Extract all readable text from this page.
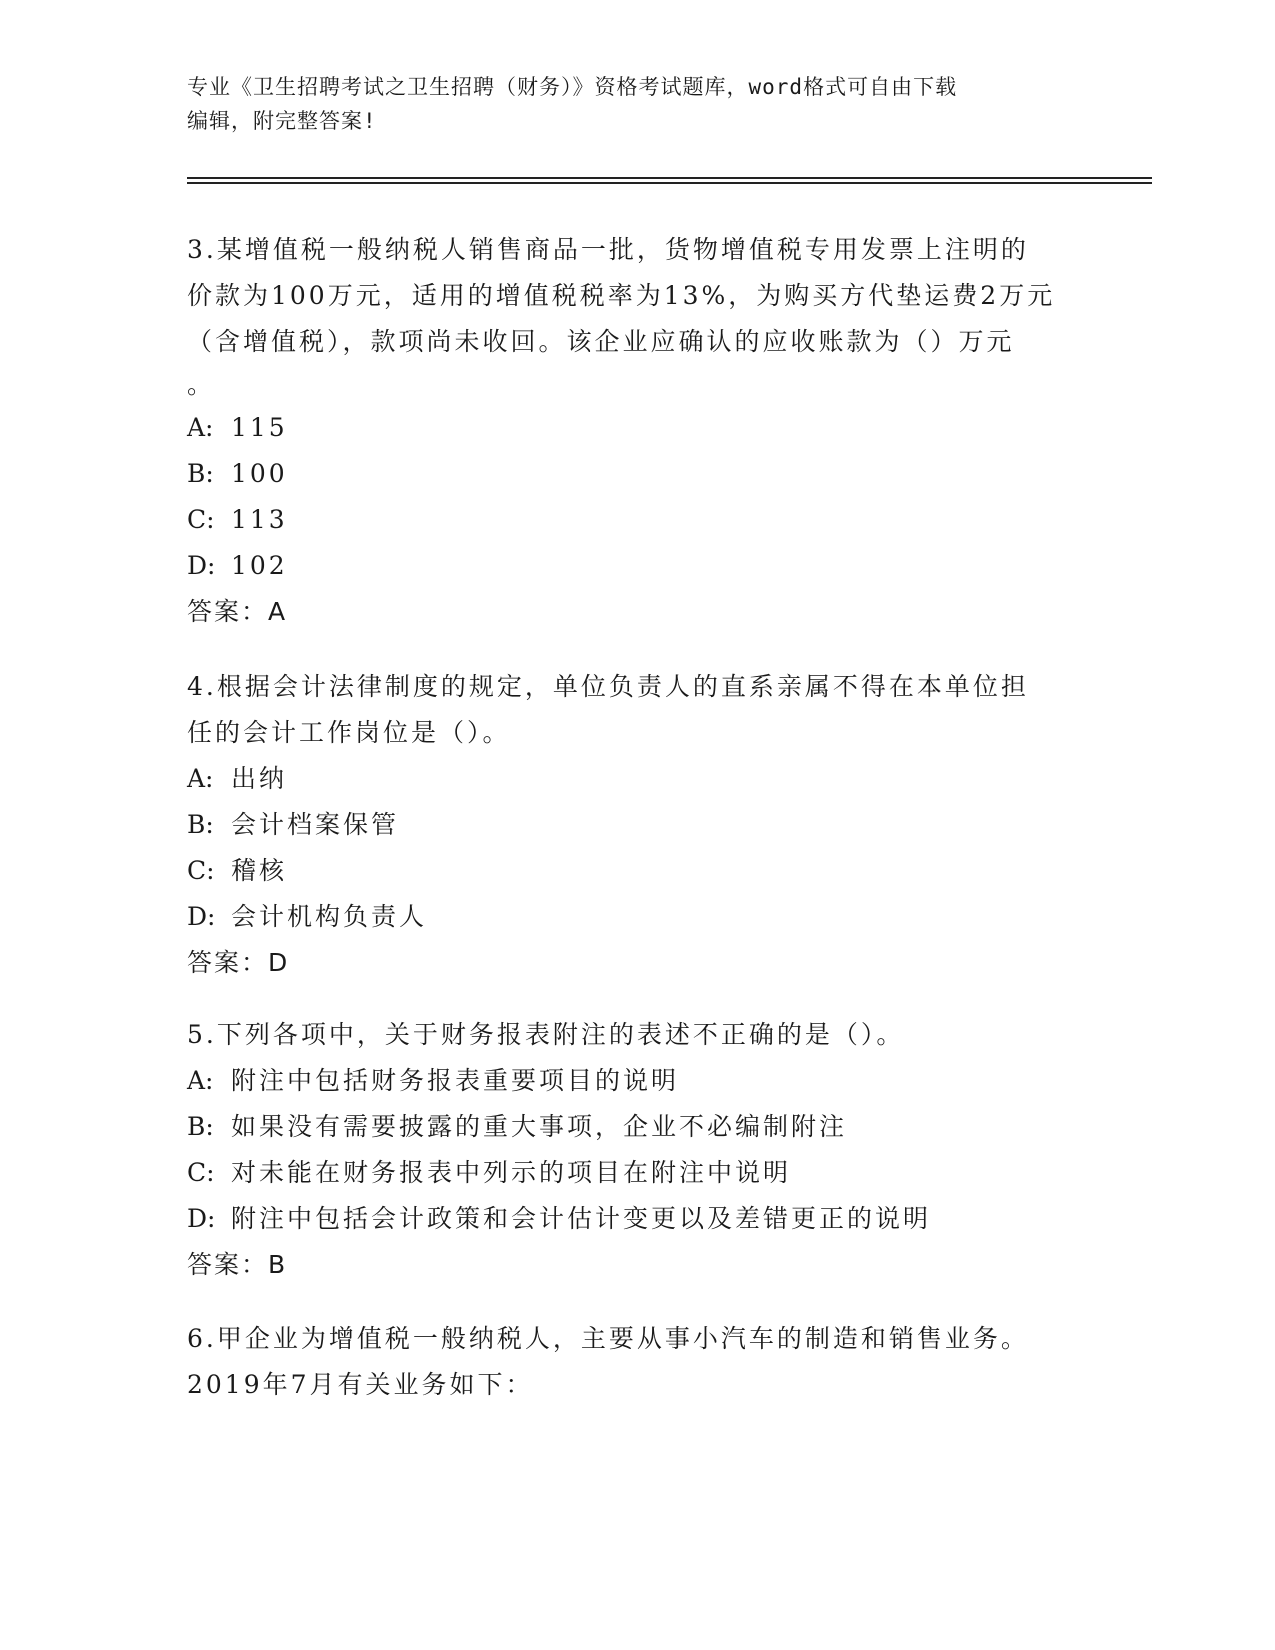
专业《卫生招聘考试之卫生招聘（财务）》资格考试题库，word格式可自由下载
编辑，附完整答案!
3.某增值税一般纳税人销售商品一批，货物增值税专用发票上注明的
价款为100万元，适用的增值税税率为13%，为购买方代垫运费2万元
（含增值税），款项尚未收回。该企业应确认的应收账款为（）万元
。
A: 115
B: 100
C: 113
D: 102
答案：A
4.根据会计法律制度的规定，单位负责人的直系亲属不得在本单位担
任的会计工作岗位是（）。
A: 出纳
B: 会计档案保管
C: 稽核
D: 会计机构负责人
答案：D
5.下列各项中，关于财务报表附注的表述不正确的是（）。
A: 附注中包括财务报表重要项目的说明
B: 如果没有需要披露的重大事项，企业不必编制附注
C: 对未能在财务报表中列示的项目在附注中说明
D: 附注中包括会计政策和会计估计变更以及差错更正的说明
答案：B
6.甲企业为增值税一般纳税人，主要从事小汽车的制造和销售业务。
2019年7月有关业务如下：
